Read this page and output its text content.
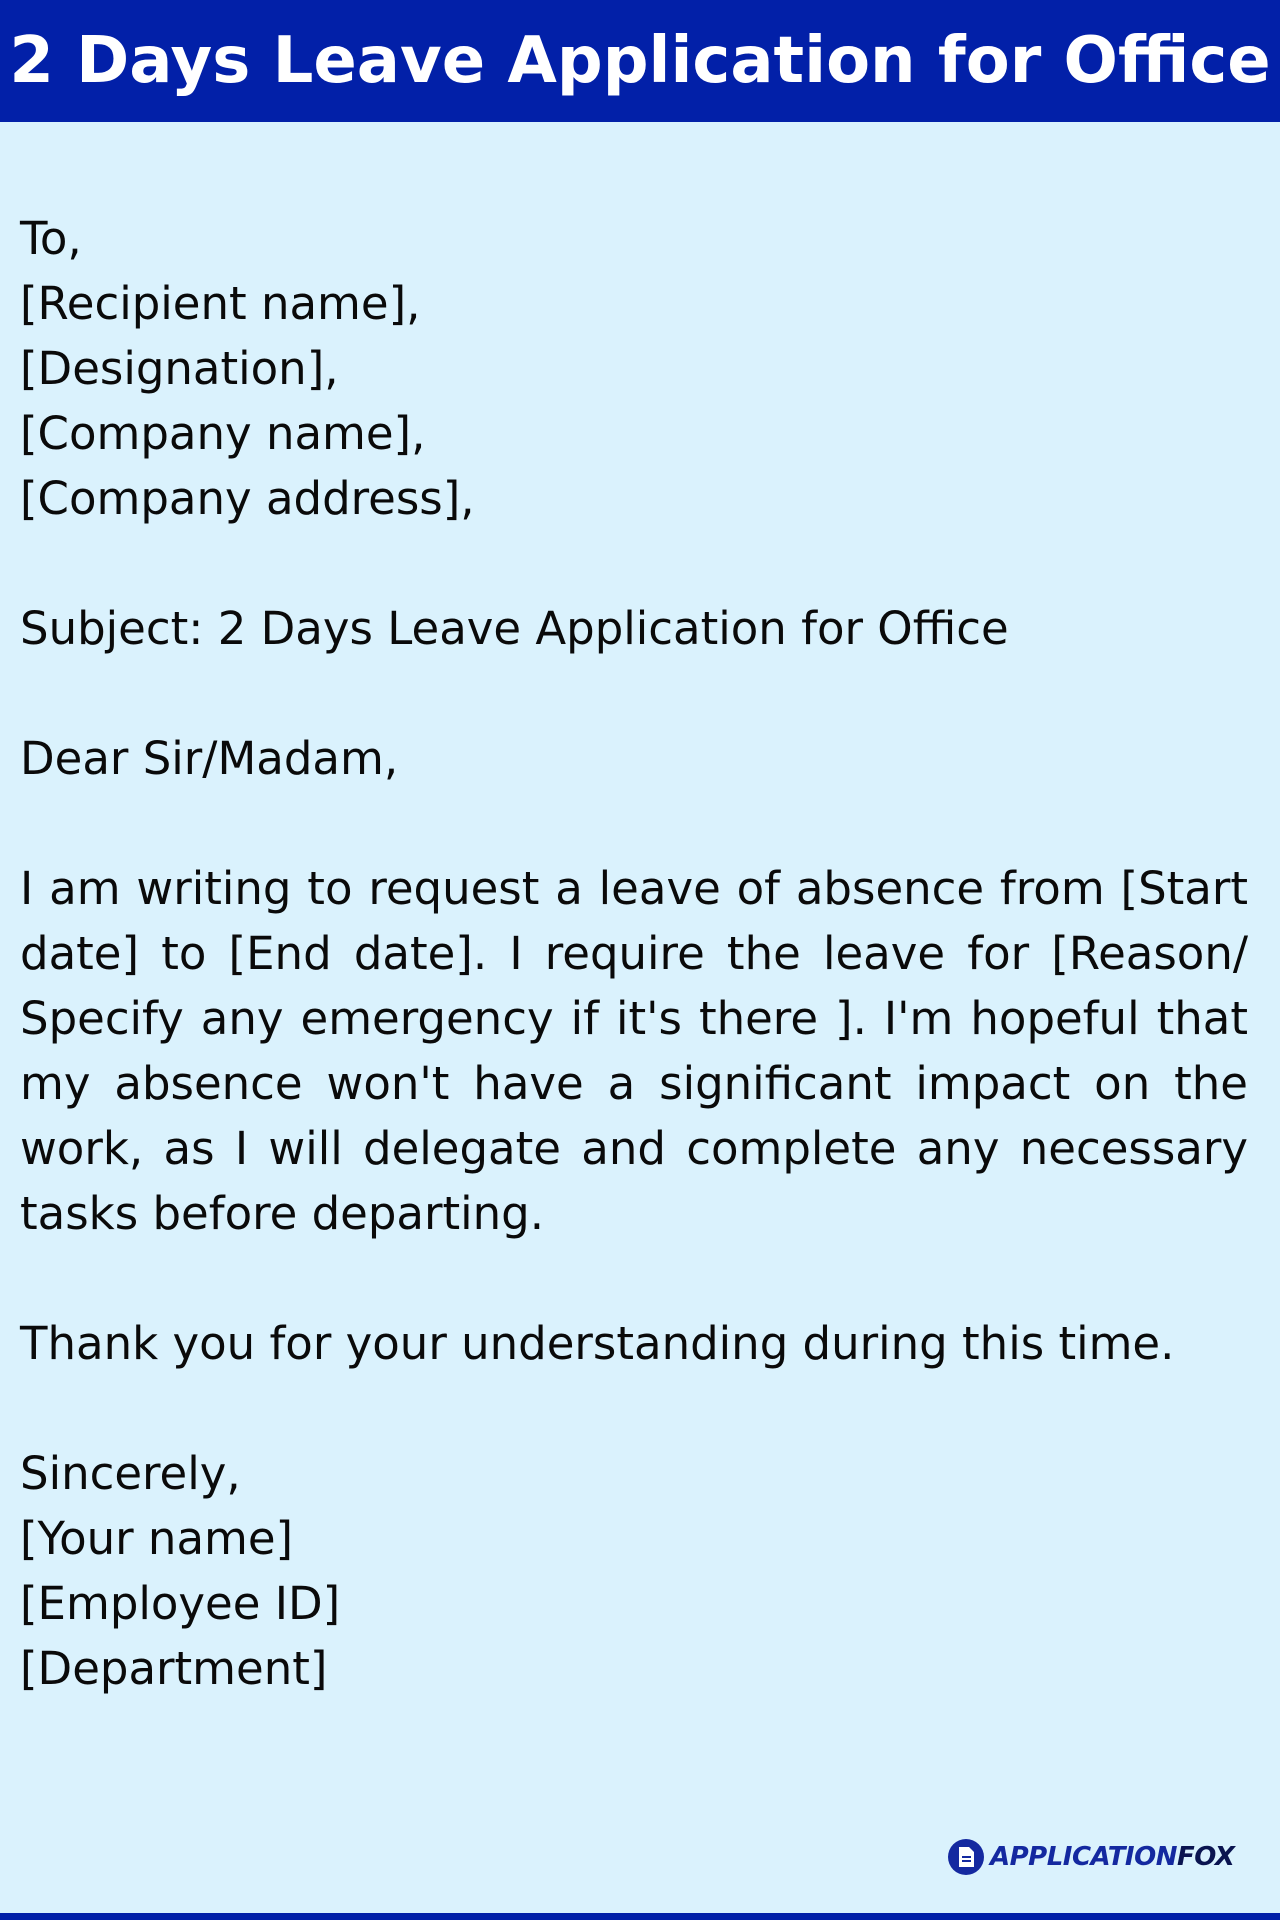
2 Days Leave Application for Office
To,
[Recipient name],
[Designation],
[Company name],
[Company address],
Subject: 2 Days Leave Application for Office
Dear Sir/Madam,
I am writing to request a leave of absence from [Start date] to [End date]. I require the leave for [Reason/ Specify any emergency if it's there ]. I'm hopeful that my absence won't have a significant impact on the work, as I will delegate and complete any necessary tasks before departing.
Thank you for your understanding during this time.
Sincerely,
[Your name]
[Employee ID]
[Department]
APPLICATIONFOX
